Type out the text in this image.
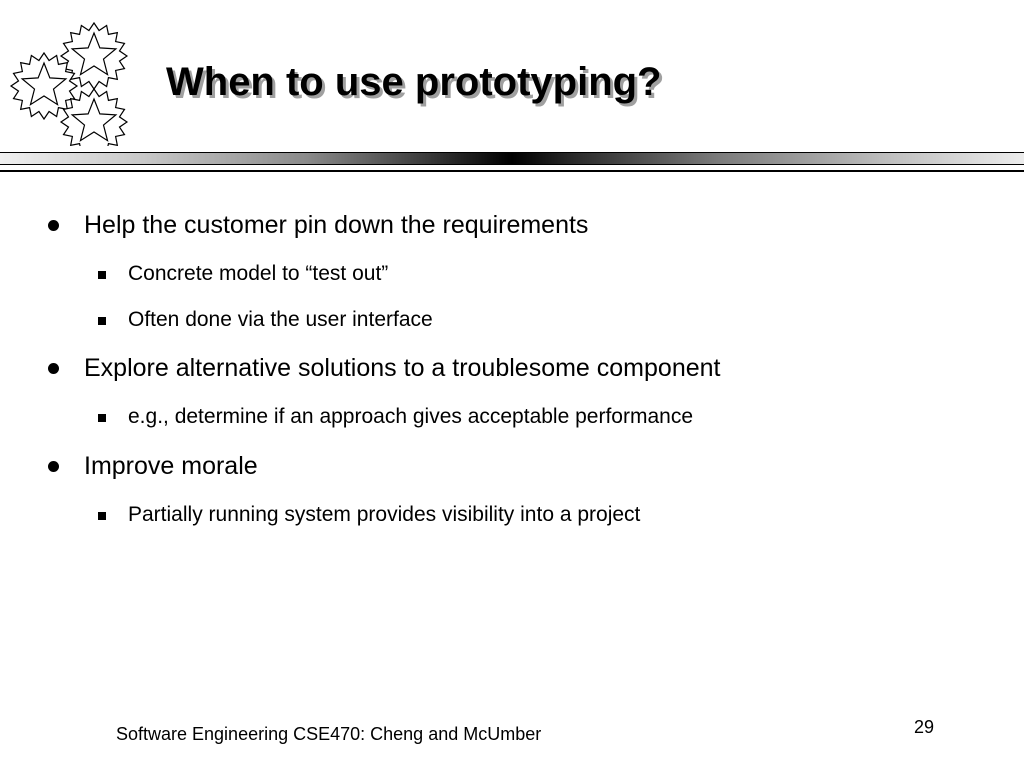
When to use prototyping?
Help the customer pin down the requirements
Concrete model to “test out”
Often done via the user interface
Explore alternative solutions to a troublesome component
e.g., determine if an approach gives acceptable performance
Improve morale
Partially running system provides visibility into a project
Software Engineering CSE470: Cheng and McUmber	29
